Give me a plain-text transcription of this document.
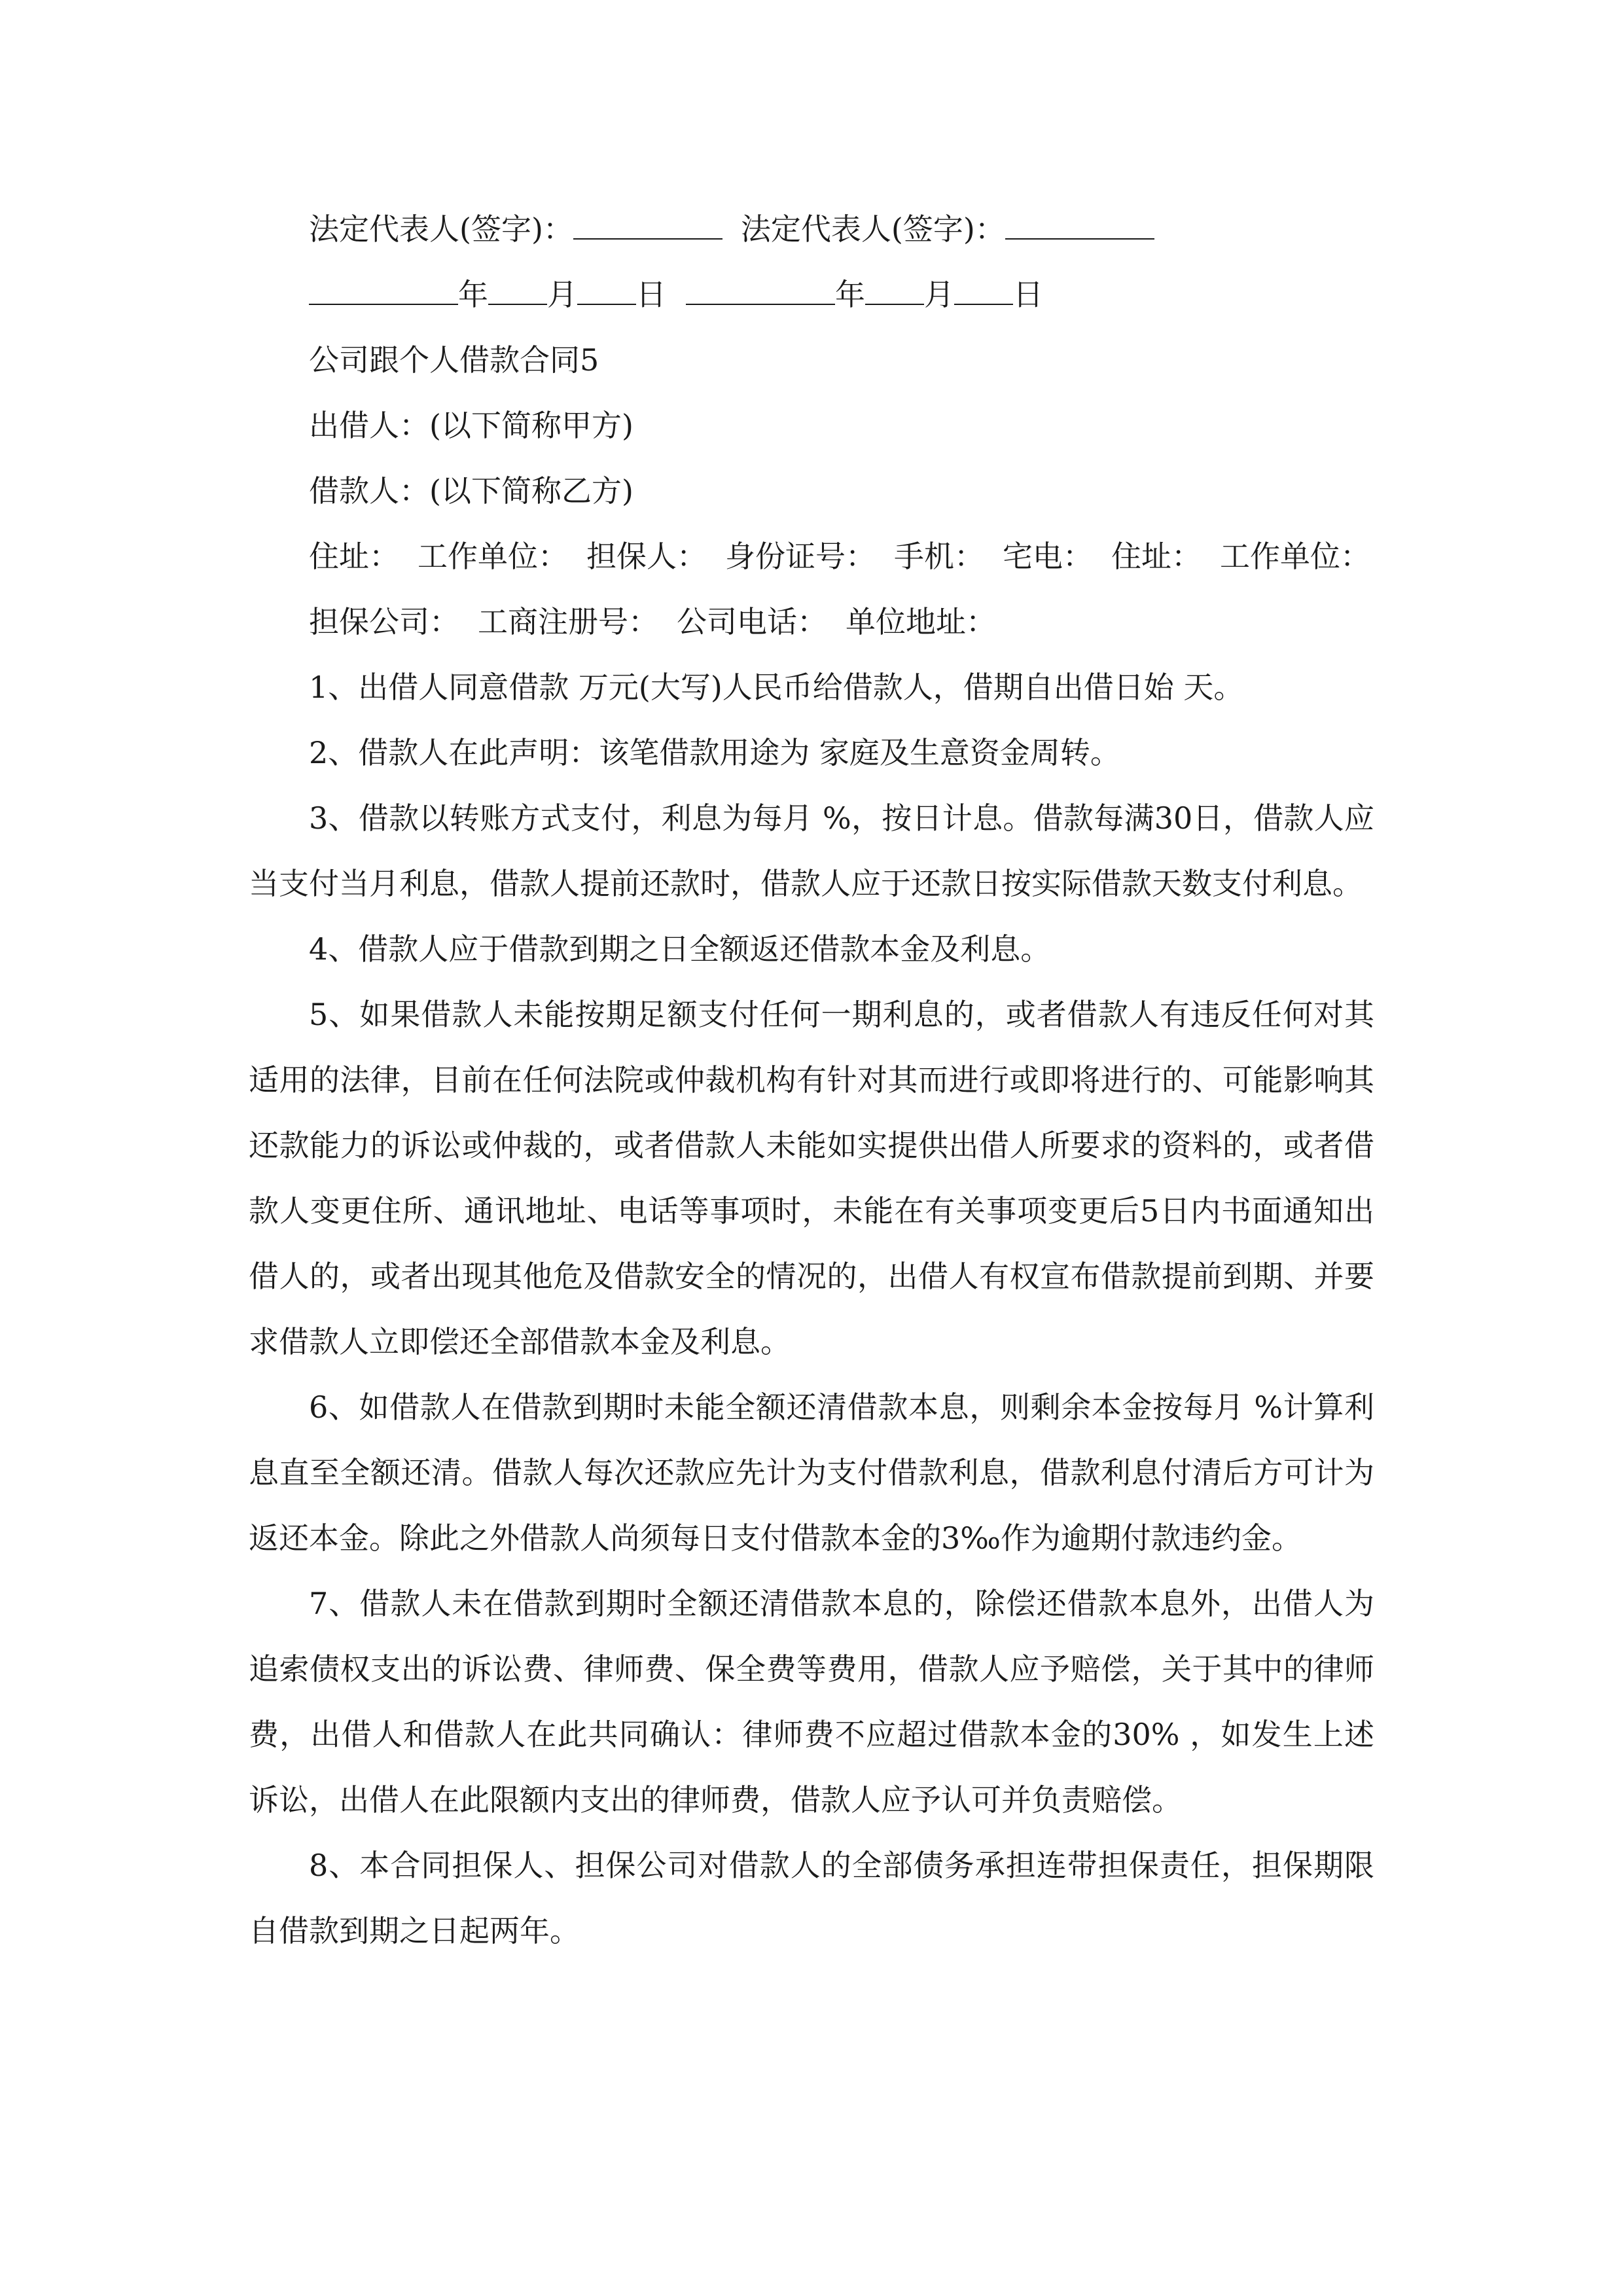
法定代表人(签字)：	法定代表人(签字)：

年 月 日	年 月 日

公司跟个人借款合同5

出借人：(以下简称甲方)

借款人：(以下简称乙方)

住址： 工作单位： 担保人： 身份证号： 手机： 宅电： 住址： 工作单位：

担保公司： 工商注册号： 公司电话： 单位地址：

1、出借人同意借款 万元(大写)人民币给借款人，借期自出借日始 天。

2、借款人在此声明：该笔借款用途为 家庭及生意资金周转。

3、借款以转账方式支付，利息为每月 %，按日计息。借款每满30日，借款人应当支付当月利息，借款人提前还款时，借款人应于还款日按实际借款天数支付利息。

4、借款人应于借款到期之日全额返还借款本金及利息。

5、如果借款人未能按期足额支付任何一期利息的，或者借款人有违反任何对其适用的法律，目前在任何法院或仲裁机构有针对其而进行或即将进行的、可能影响其还款能力的诉讼或仲裁的，或者借款人未能如实提供出借人所要求的资料的，或者借款人变更住所、通讯地址、电话等事项时，未能在有关事项变更后5日内书面通知出借人的，或者出现其他危及借款安全的情况的，出借人有权宣布借款提前到期、并要求借款人立即偿还全部借款本金及利息。

6、如借款人在借款到期时未能全额还清借款本息，则剩余本金按每月 %计算利息直至全额还清。借款人每次还款应先计为支付借款利息，借款利息付清后方可计为返还本金。除此之外借款人尚须每日支付借款本金的3‰作为逾期付款违约金。

7、借款人未在借款到期时全额还清借款本息的，除偿还借款本息外，出借人为追索债权支出的诉讼费、律师费、保全费等费用，借款人应予赔偿，关于其中的律师费，出借人和借款人在此共同确认：律师费不应超过借款本金的30% ，如发生上述诉讼，出借人在此限额内支出的律师费，借款人应予认可并负责赔偿。

8、本合同担保人、担保公司对借款人的全部债务承担连带担保责任，担保期限自借款到期之日起两年。
